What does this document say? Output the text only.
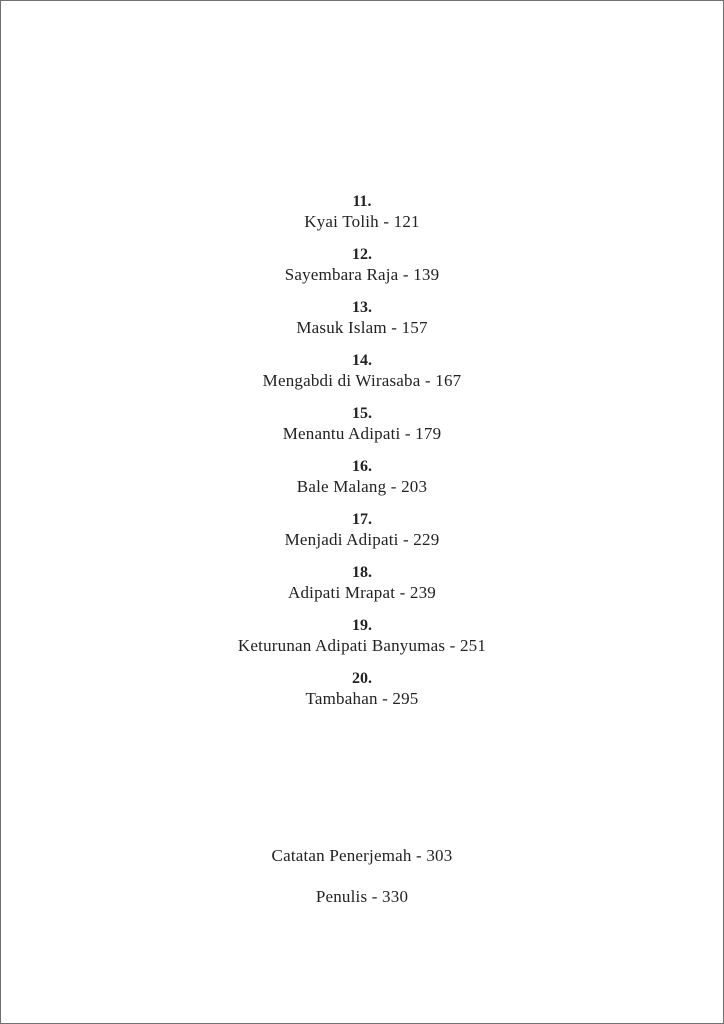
11.
Kyai Tolih - 121
12.
Sayembara Raja - 139
13.
Masuk Islam - 157
14.
Mengabdi di Wirasaba - 167
15.
Menantu Adipati - 179
16.
Bale Malang - 203
17.
Menjadi Adipati - 229
18.
Adipati Mrapat - 239
19.
Keturunan Adipati Banyumas - 251
20.
Tambahan - 295
Catatan Penerjemah - 303
Penulis - 330
